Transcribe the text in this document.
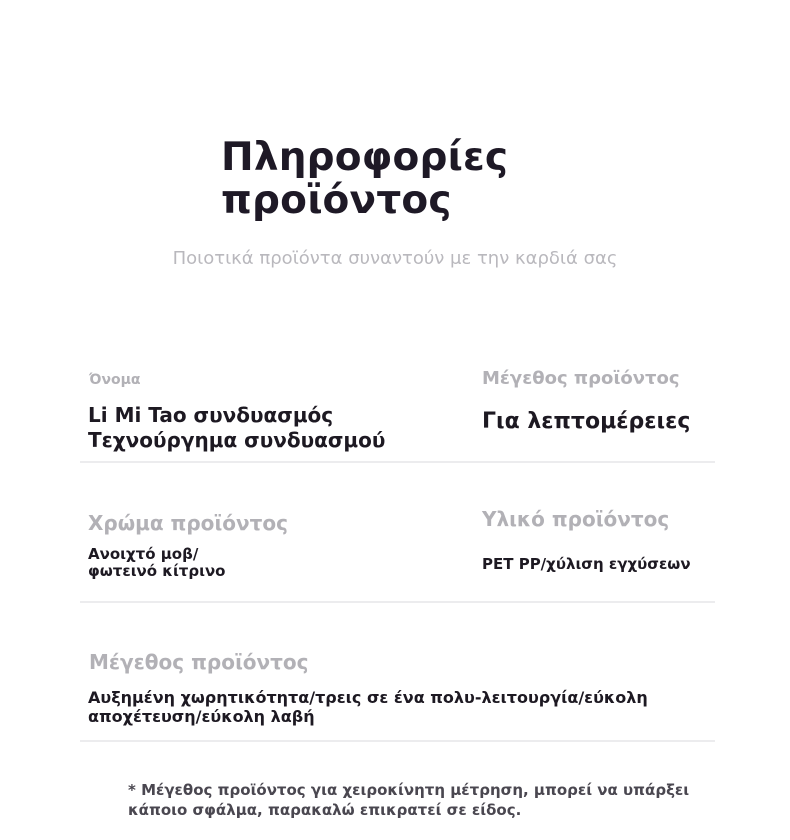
Πληροφορίες
προϊόντος
Ποιοτικά προϊόντα συναντούν με την καρδιά σας
Όνομα
Li Mi Tao συνδυασμός
Τεχνούργημα συνδυασμού
Μέγεθος προϊόντος
Για λεπτομέρειες
Χρώμα προϊόντος
Ανοιχτό μοβ/
φωτεινό κίτρινο
Υλικό προϊόντος
PET PP/χύλιση εγχύσεων
Μέγεθος προϊόντος
Αυξημένη χωρητικότητα/τρεις σε ένα πολυ-λειτουργία/εύκολη
αποχέτευση/εύκολη λαβή
* Μέγεθος προϊόντος για χειροκίνητη μέτρηση, μπορεί να υπάρξει
κάποιο σφάλμα, παρακαλώ επικρατεί σε είδος.
